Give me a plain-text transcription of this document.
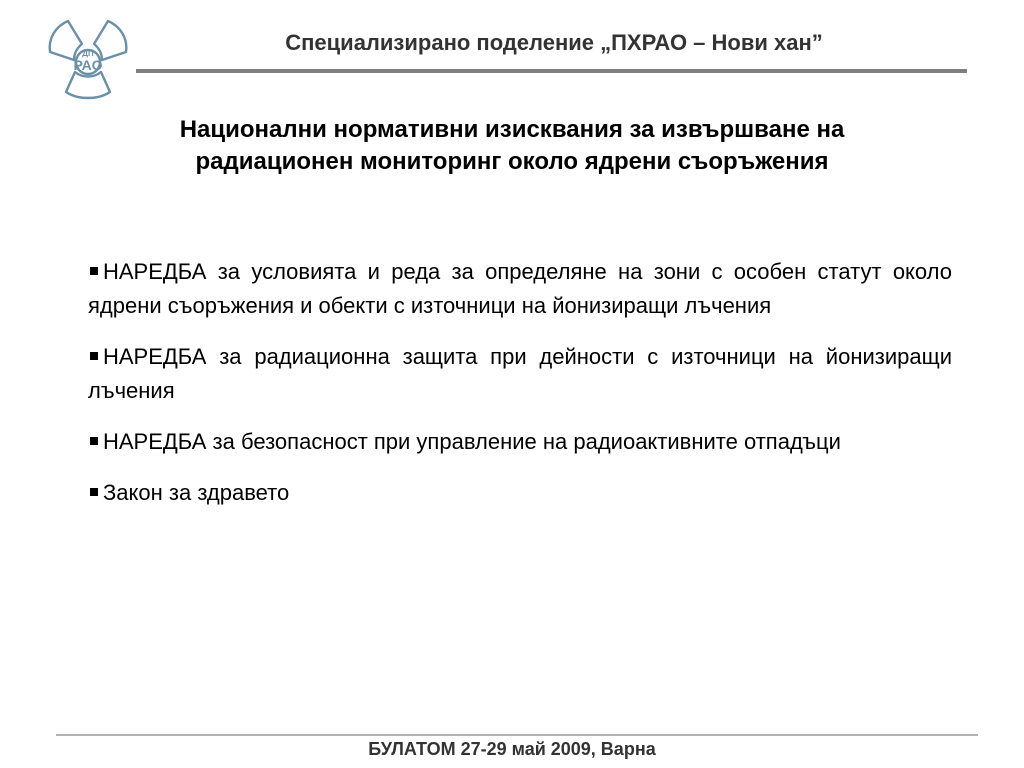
ДП
РАО
Специализирано поделение „ПХРАО – Нови хан”
Национални нормативни изисквания за извършване на
радиационен мониторинг около ядрени съоръжения
НАРЕДБА за условията и реда за определяне на зони с особен статут около ядрени съоръжения и обекти с източници на йонизиращи лъчения
НАРЕДБА за радиационна защита при дейности с източници на йонизиращи лъчения
НАРЕДБА за безопасност при управление на радиоактивните отпадъци
Закон за здравето
БУЛАТОМ 27-29 май 2009, Варна
